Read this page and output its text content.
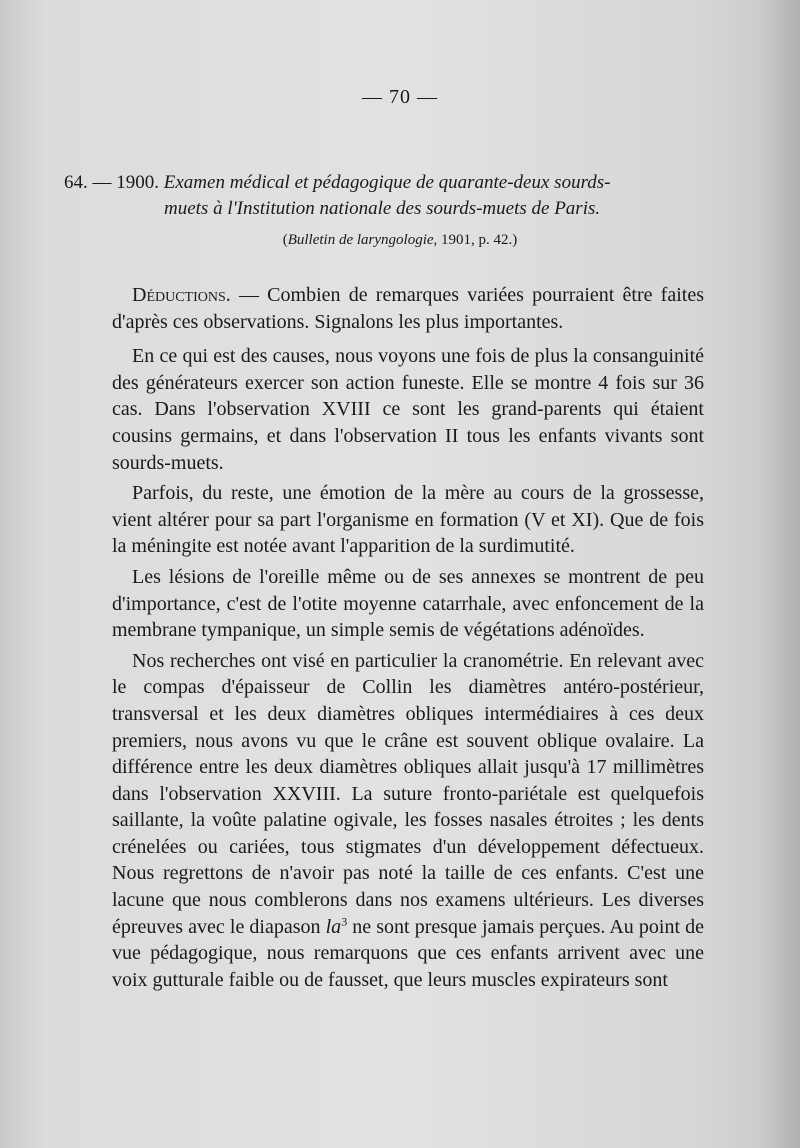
— 70 —
64. — 1900. Examen médical et pédagogique de quarante-deux sourds-
muets à l'Institution nationale des sourds-muets de Paris.
(Bulletin de laryngologie, 1901, p. 42.)

Déductions. — Combien de remarques variées pourraient être faites d'après ces observations. Signalons les plus importantes.

En ce qui est des causes, nous voyons une fois de plus la consanguinité des générateurs exercer son action funeste. Elle se montre 4 fois sur 36 cas. Dans l'observation XVIII ce sont les grand-parents qui étaient cousins germains, et dans l'observation II tous les enfants vivants sont sourds-muets.

Parfois, du reste, une émotion de la mère au cours de la grossesse, vient altérer pour sa part l'organisme en formation (V et XI). Que de fois la méningite est notée avant l'apparition de la surdimutité.

Les lésions de l'oreille même ou de ses annexes se montrent de peu d'importance, c'est de l'otite moyenne catarrhale, avec enfoncement de la membrane tympanique, un simple semis de végétations adénoïdes.

Nos recherches ont visé en particulier la cranométrie. En relevant avec le compas d'épaisseur de Collin les diamètres antéro-postérieur, transversal et les deux diamètres obliques intermédiaires à ces deux premiers, nous avons vu que le crâne est souvent oblique ovalaire. La différence entre les deux diamètres obliques allait jusqu'à 17 millimètres dans l'observation XXVIII. La suture fronto-pariétale est quelquefois saillante, la voûte palatine ogivale, les fosses nasales étroites ; les dents crénelées ou cariées, tous stigmates d'un développement défectueux. Nous regrettons de n'avoir pas noté la taille de ces enfants. C'est une lacune que nous comblerons dans nos examens ultérieurs. Les diverses épreuves avec le diapason $la^3$ ne sont presque jamais perçues. Au point de vue pédagogique, nous remarquons que ces enfants arrivent avec une voix gutturale faible ou de fausset, que leurs muscles expirateurs sont
